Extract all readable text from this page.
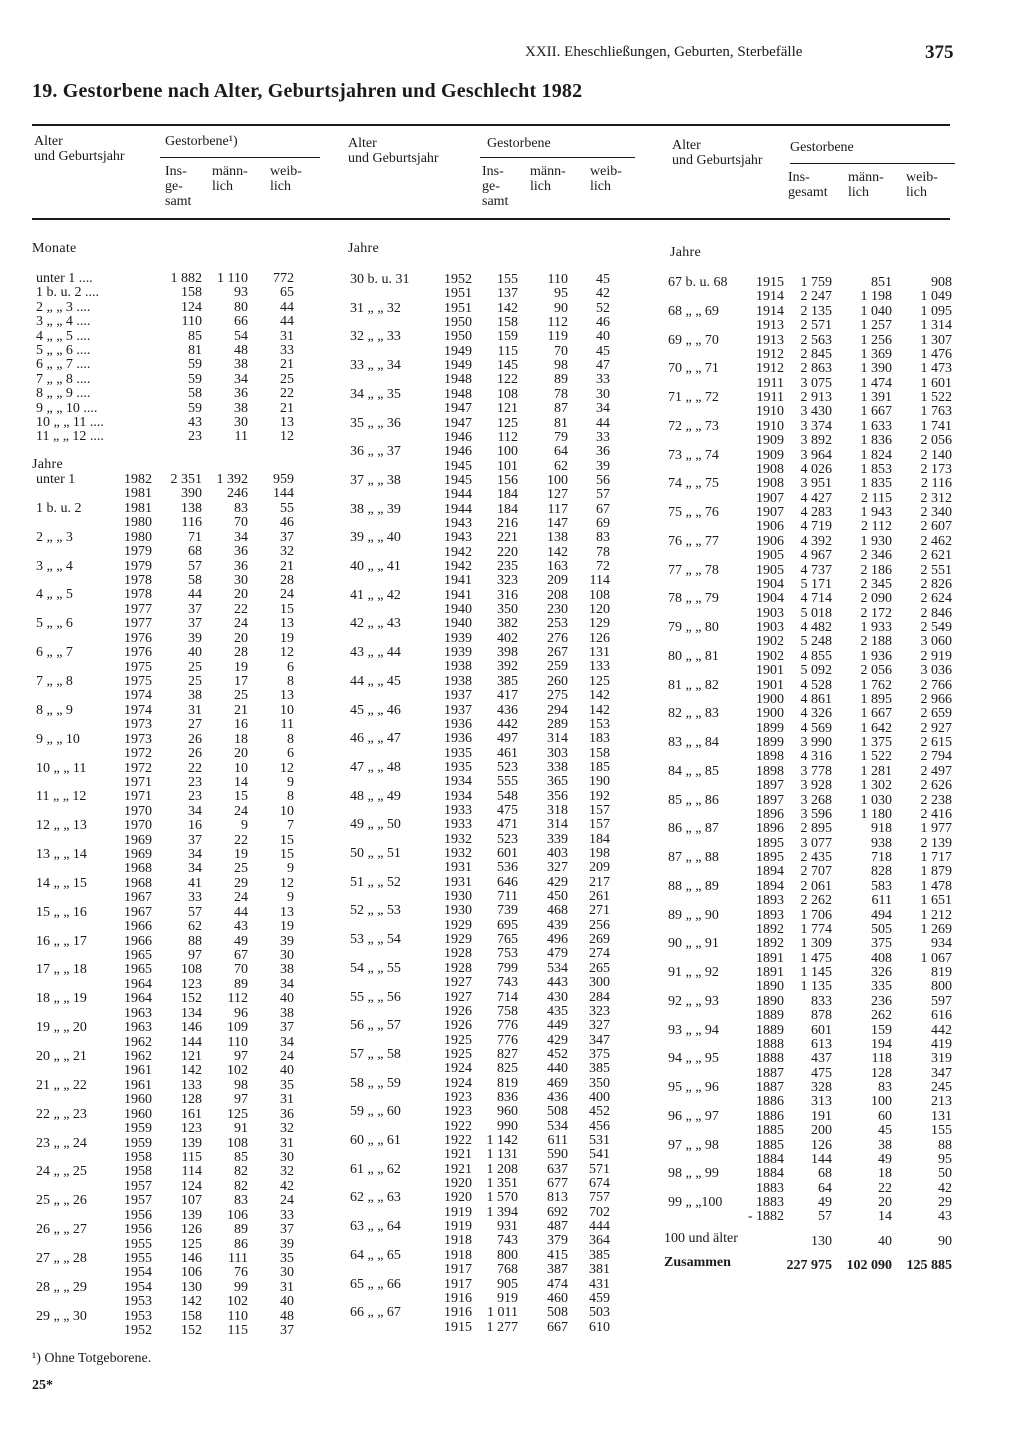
XXII. Eheschließungen, Geburten, Sterbefälle	375
19. Gestorbene nach Alter, Geburtsjahren und Geschlecht 1982
Alter
und Geburtsjahr
Gestorbene¹)
Ins-
ge-
samt
männ-
lich
weib-
lich
Alter
und Geburtsjahr
Gestorbene
Ins-
ge-
samt
männ-
lich
weib-
lich
Alter
und Geburtsjahr
Gestorbene
Ins-
gesamt
männ-
lich
weib-
lich
Monate
Jahre
Jahre	Jahre
unter 1 ....	1 882	1 110	772
1 b. u. 2 ....	158	93	65
2 „ „ 3 ....	124	80	44
3 „ „ 4 ....	110	66	44
4 „ „ 5 ....	85	54	31
5 „ „ 6 ....	81	48	33
6 „ „ 7 ....	59	38	21
7 „ „ 8 ....	59	34	25
8 „ „ 9 ....	58	36	22
9 „ „ 10 ....	59	38	21
10 „ „ 11 ....	43	30	13
11 „ „ 12 ....	23	11	12
unter 1	1982	2 351	1 392	959
1981	390	246	144
1 b. u. 2	1981	138	83	55
1980	116	70	46
2 „ „ 3	1980	71	34	37
1979	68	36	32
3 „ „ 4	1979	57	36	21
1978	58	30	28
4 „ „ 5	1978	44	20	24
1977	37	22	15
5 „ „ 6	1977	37	24	13
1976	39	20	19
6 „ „ 7	1976	40	28	12
1975	25	19	6
7 „ „ 8	1975	25	17	8
1974	38	25	13
8 „ „ 9	1974	31	21	10
1973	27	16	11
9 „ „ 10	1973	26	18	8
1972	26	20	6
10 „ „ 11	1972	22	10	12
1971	23	14	9
11 „ „ 12	1971	23	15	8
1970	34	24	10
12 „ „ 13	1970	16	9	7
1969	37	22	15
13 „ „ 14	1969	34	19	15
1968	34	25	9
14 „ „ 15	1968	41	29	12
1967	33	24	9
15 „ „ 16	1967	57	44	13
1966	62	43	19
16 „ „ 17	1966	88	49	39
1965	97	67	30
17 „ „ 18	1965	108	70	38
1964	123	89	34
18 „ „ 19	1964	152	112	40
1963	134	96	38
19 „ „ 20	1963	146	109	37
1962	144	110	34
20 „ „ 21	1962	121	97	24
1961	142	102	40
21 „ „ 22	1961	133	98	35
1960	128	97	31
22 „ „ 23	1960	161	125	36
1959	123	91	32
23 „ „ 24	1959	139	108	31
1958	115	85	30
24 „ „ 25	1958	114	82	32
1957	124	82	42
25 „ „ 26	1957	107	83	24
1956	139	106	33
26 „ „ 27	1956	126	89	37
1955	125	86	39
27 „ „ 28	1955	146	111	35
1954	106	76	30
28 „ „ 29	1954	130	99	31
1953	142	102	40
29 „ „ 30	1953	158	110	48
1952	152	115	37
30 b. u. 31	1952	155	110	45
1951	137	95	42
31 „ „ 32	1951	142	90	52
1950	158	112	46
32 „ „ 33	1950	159	119	40
1949	115	70	45
33 „ „ 34	1949	145	98	47
1948	122	89	33
34 „ „ 35	1948	108	78	30
1947	121	87	34
35 „ „ 36	1947	125	81	44
1946	112	79	33
36 „ „ 37	1946	100	64	36
1945	101	62	39
37 „ „ 38	1945	156	100	56
1944	184	127	57
38 „ „ 39	1944	184	117	67
1943	216	147	69
39 „ „ 40	1943	221	138	83
1942	220	142	78
40 „ „ 41	1942	235	163	72
1941	323	209	114
41 „ „ 42	1941	316	208	108
1940	350	230	120
42 „ „ 43	1940	382	253	129
1939	402	276	126
43 „ „ 44	1939	398	267	131
1938	392	259	133
44 „ „ 45	1938	385	260	125
1937	417	275	142
45 „ „ 46	1937	436	294	142
1936	442	289	153
46 „ „ 47	1936	497	314	183
1935	461	303	158
47 „ „ 48	1935	523	338	185
1934	555	365	190
48 „ „ 49	1934	548	356	192
1933	475	318	157
49 „ „ 50	1933	471	314	157
1932	523	339	184
50 „ „ 51	1932	601	403	198
1931	536	327	209
51 „ „ 52	1931	646	429	217
1930	711	450	261
52 „ „ 53	1930	739	468	271
1929	695	439	256
53 „ „ 54	1929	765	496	269
1928	753	479	274
54 „ „ 55	1928	799	534	265
1927	743	443	300
55 „ „ 56	1927	714	430	284
1926	758	435	323
56 „ „ 57	1926	776	449	327
1925	776	429	347
57 „ „ 58	1925	827	452	375
1924	825	440	385
58 „ „ 59	1924	819	469	350
1923	836	436	400
59 „ „ 60	1923	960	508	452
1922	990	534	456
60 „ „ 61	1922	1 142	611	531
1921	1 131	590	541
61 „ „ 62	1921	1 208	637	571
1920	1 351	677	674
62 „ „ 63	1920	1 570	813	757
1919	1 394	692	702
63 „ „ 64	1919	931	487	444
1918	743	379	364
64 „ „ 65	1918	800	415	385
1917	768	387	381
65 „ „ 66	1917	905	474	431
1916	919	460	459
66 „ „ 67	1916	1 011	508	503
1915	1 277	667	610
67 b. u. 68	1915	1 759	851	908
1914	2 247	1 198	1 049
68 „ „ 69	1914	2 135	1 040	1 095
1913	2 571	1 257	1 314
69 „ „ 70	1913	2 563	1 256	1 307
1912	2 845	1 369	1 476
70 „ „ 71	1912	2 863	1 390	1 473
1911	3 075	1 474	1 601
71 „ „ 72	1911	2 913	1 391	1 522
1910	3 430	1 667	1 763
72 „ „ 73	1910	3 374	1 633	1 741
1909	3 892	1 836	2 056
73 „ „ 74	1909	3 964	1 824	2 140
1908	4 026	1 853	2 173
74 „ „ 75	1908	3 951	1 835	2 116
1907	4 427	2 115	2 312
75 „ „ 76	1907	4 283	1 943	2 340
1906	4 719	2 112	2 607
76 „ „ 77	1906	4 392	1 930	2 462
1905	4 967	2 346	2 621
77 „ „ 78	1905	4 737	2 186	2 551
1904	5 171	2 345	2 826
78 „ „ 79	1904	4 714	2 090	2 624
1903	5 018	2 172	2 846
79 „ „ 80	1903	4 482	1 933	2 549
1902	5 248	2 188	3 060
80 „ „ 81	1902	4 855	1 936	2 919
1901	5 092	2 056	3 036
81 „ „ 82	1901	4 528	1 762	2 766
1900	4 861	1 895	2 966
82 „ „ 83	1900	4 326	1 667	2 659
1899	4 569	1 642	2 927
83 „ „ 84	1899	3 990	1 375	2 615
1898	4 316	1 522	2 794
84 „ „ 85	1898	3 778	1 281	2 497
1897	3 928	1 302	2 626
85 „ „ 86	1897	3 268	1 030	2 238
1896	3 596	1 180	2 416
86 „ „ 87	1896	2 895	918	1 977
1895	3 077	938	2 139
87 „ „ 88	1895	2 435	718	1 717
1894	2 707	828	1 879
88 „ „ 89	1894	2 061	583	1 478
1893	2 262	611	1 651
89 „ „ 90	1893	1 706	494	1 212
1892	1 774	505	1 269
90 „ „ 91	1892	1 309	375	934
1891	1 475	408	1 067
91 „ „ 92	1891	1 145	326	819
1890	1 135	335	800
92 „ „ 93	1890	833	236	597
1889	878	262	616
93 „ „ 94	1889	601	159	442
1888	613	194	419
94 „ „ 95	1888	437	118	319
1887	475	128	347
95 „ „ 96	1887	328	83	245
1886	313	100	213
96 „ „ 97	1886	191	60	131
1885	200	45	155
97 „ „ 98	1885	126	38	88
1884	144	49	95
98 „ „ 99	1884	68	18	50
1883	64	22	42
99 „ „100	1883	49	20	29
- 1882	57	14	43
100 und älter	130	40	90
Zusammen	227 975	102 090	125 885
¹) Ohne Totgeborene.
25*
